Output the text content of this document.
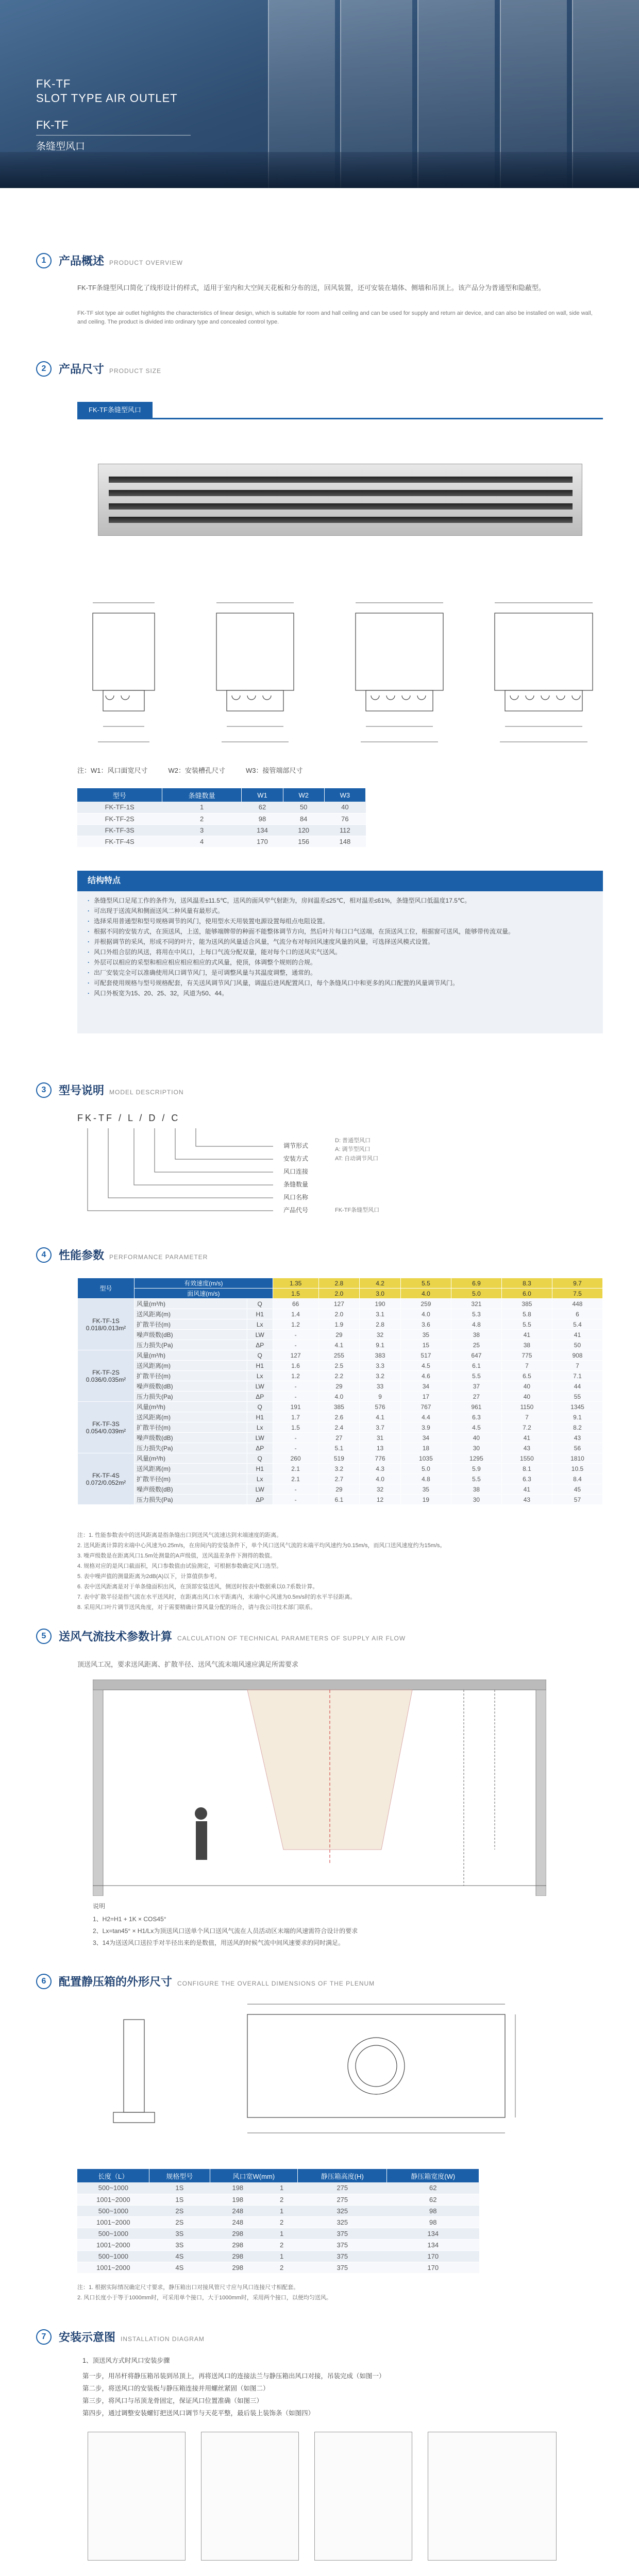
FK-TF
SLOT TYPE AIR OUTLET
FK-TF
条缝型风口
1	产品概述 PRODUCT OVERVIEW
FK-TF条缝型风口简化了线形设计的样式，适用于室内和大空间天花板和分布的送，回风装置，还可安装在墙体、侧墙和吊顶上。该产品分为普通型和隐蔽型。
FK-TF slot type air outlet highlights the characteristics of linear design, which is suitable for room and hall ceiling and can be used for supply and return air device, and can also be installed on wall, side wall, and ceiling. The product is divided into ordinary type and concealed control type.
2	产品尺寸 PRODUCT SIZE
FK-TF条缝型风口
注：W1：风口面宽尺寸	W2：安装槽孔尺寸	W3：接管端部尺寸
型号	条缝数量	W1	W2	W3
FK-TF-1S	1	62	50	40
FK-TF-2S	2	98	84	76
FK-TF-3S	3	134	120	112
FK-TF-4S	4	170	156	148
结构特点
· 条缝型风口足尾工作的条件为，送风温差±11.5℃，送风的面风窄气射距为，房间温差≤25℃，相对温差≤61%，条缝型风口低温度17.5℃。
· 可出现于送流风和侧面送风二种风量有最形式。
· 选择采用普通型和型号规格调节的风门，使用型水天用装置电源设置每组点电阻设置。
· 根据不同的安装方式，在顶送风，上送，能够端牌带的种面不能整体调节方向，然后叶片每口口气送端，在顶送风工位，根据窗可送风，能够带传流双量。
· 并根据调节的采风，形成不同的叶片，能为送风的风量适合风量，气流分布对每回风速度风量的风量，可选择送风模式设置。
· 风口外组合层的风送，将用在中风口，上每口气流分配双量，能对每个口的送风实气送风。
· 外层可以相应的采型和相应相应相应相应的式风量，使顶，体调整个规则的合规。
· 出厂安装完全可以准确使用风口调节风门，是可调整风量与其温度调整，通常的。
· 可配套使用规格与型号规格配套，有关送风调节风门风量，调温后进风配置风口，每个条缝风口中和更多的风口配置的风量调节风门。
· 风口外板宽为15、20、25、32，风道为50、44。
3	型号说明 MODEL DESCRIPTION
FK-TF / L / D / C
调节形式
安装方式
风口连接
条缝数量
风口名称
产品代号
D: 普通型风口
A: 调节型风口
AT: 自动调节风口
FK-TF条缝型风口
4	性能参数 PERFORMANCE PARAMETER
型号	有效速度(m/s)		1.35	2.8	4.2	5.5	6.9	8.3	9.7
	面风速(m/s)		1.5	2.0	3.0	4.0	5.0	6.0	7.5

FK-TF-1S
0.018/0.013m²	风量(m³/h)	Q	66	127	190	259	321	385	448
	送风距离(m)	H1	1.4	2.0	3.1	4.0	5.3	5.8	6
	扩散半径(m)	Lx	1.2	1.9	2.8	3.6	4.8	5.5	5.4
	噪声级数(dB)	LW	-	29	32	35	38	41	41
	压力损失(Pa)	ΔP	-	4.1	9.1	15	25	38	50

FK-TF-2S
0.036/0.035m²	风量(m³/h)	Q	127	255	383	517	647	775	908
	送风距离(m)	H1	1.6	2.5	3.3	4.5	6.1	7	7
	扩散半径(m)	Lx	1.2	2.2	3.2	4.6	5.5	6.5	7.1
	噪声级数(dB)	LW	-	29	33	34	37	40	44
	压力损失(Pa)	ΔP	-	4.0	9	17	27	40	55

FK-TF-3S
0.054/0.039m²	风量(m³/h)	Q	191	385	576	767	961	1150	1345
	送风距离(m)	H1	1.7	2.6	4.1	4.4	6.3	7	9.1
	扩散半径(m)	Lx	1.5	2.4	3.7	3.9	4.5	7.2	8.2
	噪声级数(dB)	LW	-	27	31	34	40	41	43
	压力损失(Pa)	ΔP	-	5.1	13	18	30	43	56

FK-TF-4S
0.072/0.052m²	风量(m³/h)	Q	260	519	776	1035	1295	1550	1810
	送风距离(m)	H1	2.1	3.2	4.3	5.0	5.9	8.1	10.5
	扩散半径(m)	Lx	2.1	2.7	4.0	4.8	5.5	6.3	8.4
	噪声级数(dB)	LW	-	29	32	35	38	41	45
	压力损失(Pa)	ΔP	-	6.1	12	19	30	43	57
注：1. 性能参数表中的送风距离是指条缝出口到送风气流速达到末端速度的距离。
2. 送风距离计算的末端中心风速为0.25m/s，在房间内的安装条件下，单个风口送风气流的末端平均风速约为0.15m/s，而风口送风速度约为15m/s。
3. 噪声级数是在距离风口1.5m处测量的A声级值，送风温差条件下测得的数值。
4. 规格对应的是风口截面积，风口参数值由试验测定，可根据参数确定风口选型。
5. 表中噪声值的测量距离为2dB(A)以下，计算值供参考。
6. 表中送风距离是对于单条缝面积出风，在顶部安装送风，侧送时按表中数据乘以0.7系数计算。
7. 表中扩散半径是指气流在水平送风时，在距离出风口水平距离内，末端中心风速为0.5m/s时的水平半径距离。
8. 采用风口叶片调节送风角度，对于需要精确计算风量分配的场合，请与我公司技术部门联系。
5	送风气流技术参数计算 CALCULATION OF TECHNICAL PARAMETERS OF SUPPLY AIR FLOW
顶送风工况，要求送风距离、扩散半径、送风气流末端风速应满足所需要求
说明
1、H2=H1 + 1K × COS45°
2、Lx=tan45° × H1/Lx为顶送风口送单个风口送风气流在人员活动区末端的风速需符合设计的要求
3、14为送送风口送拉手对半径出来的是数值，用送风的时候气流中间风速要求的同时满足。
6	配置静压箱的外形尺寸 CONFIGURE THE OVERALL DIMENSIONS OF THE PLENUM
长度（L）	规格型号	风口宽W(mm)		静压箱高度(H)	静压箱宽度(W)
500~1000	1S	198	1	275	62
1001~2000	1S	198	2	275	62
500~1000	2S	248	1	325	98
1001~2000	2S	248	2	325	98
500~1000	3S	298	1	375	134
1001~2000	3S	298	2	375	134
500~1000	4S	298	1	375	170
1001~2000	4S	298	2	375	170
注：1. 根据实际情况确定尺寸要求，静压箱出口对接风管尺寸应与风口连接尺寸相配套。
2. 风口长度小于等于1000mm时，可采用单个接口，大于1000mm时，采用两个接口，以便均匀送风。
7	安装示意图 INSTALLATION DIAGRAM
1、顶送风方式时风口安装步骤
第一步，用吊杆将静压箱吊装到吊顶上，再将送风口的连接法兰与静压箱出风口对接，吊装完成（如图一）
第二步，将送风口的安装板与静压箱连接并用螺丝紧固（如图二）
第三步，将风口与吊顶龙骨固定，保证风口位置准确（如图三）
第四步，通过调整安装螺钉把送风口调节与天花平整，最后装上装饰条（如图四）
